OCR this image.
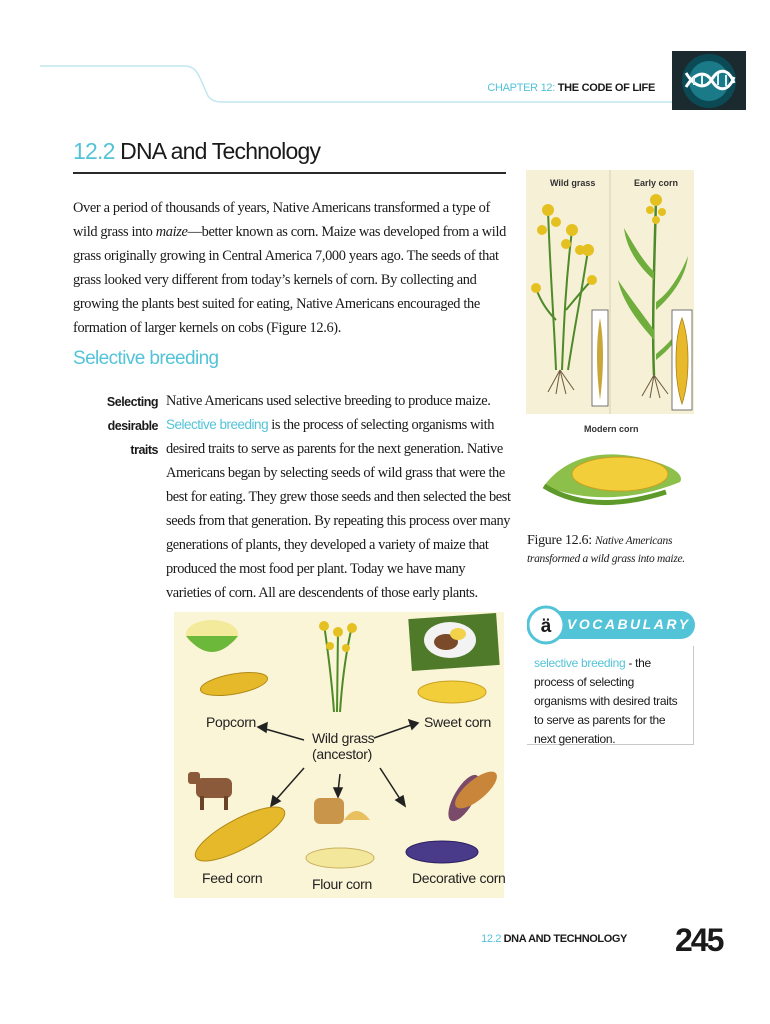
CHAPTER 12: THE CODE OF LIFE
12.2 DNA and Technology

Over a period of thousands of years, Native Americans transformed a type of wild grass into maize—better known as corn. Maize was developed from a wild grass originally growing in Central America 7,000 years ago. The seeds of that grass looked very different from today’s kernels of corn. By collecting and growing the plants best suited for eating, Native Americans encouraged the formation of larger kernels on cobs (Figure 12.6).

Wild grass	Early corn
Modern corn
Figure 12.6: Native Americans transformed a wild grass into maize.
Selective breeding
Selecting
desirable traits

Native Americans used selective breeding to produce maize. Selective breeding is the process of selecting organisms with desired traits to serve as parents for the next generation. Native Americans began by selecting seeds of wild grass that were the best for eating. They grew those seeds and then selected the best seeds from that generation. By repeating this process over many generations of plants, they developed a variety of maize that produced the most food per plant. Today we have many varieties of corn. All are descendents of those early plants.

ä VOCABULARY
selective breeding - the process of selecting organisms with desired traits to serve as parents for the next generation.
Popcorn	Sweet corn
Wild grass
(ancestor)
Feed corn	Flour corn	Decorative corn
12.2 DNA AND TECHNOLOGY 245
